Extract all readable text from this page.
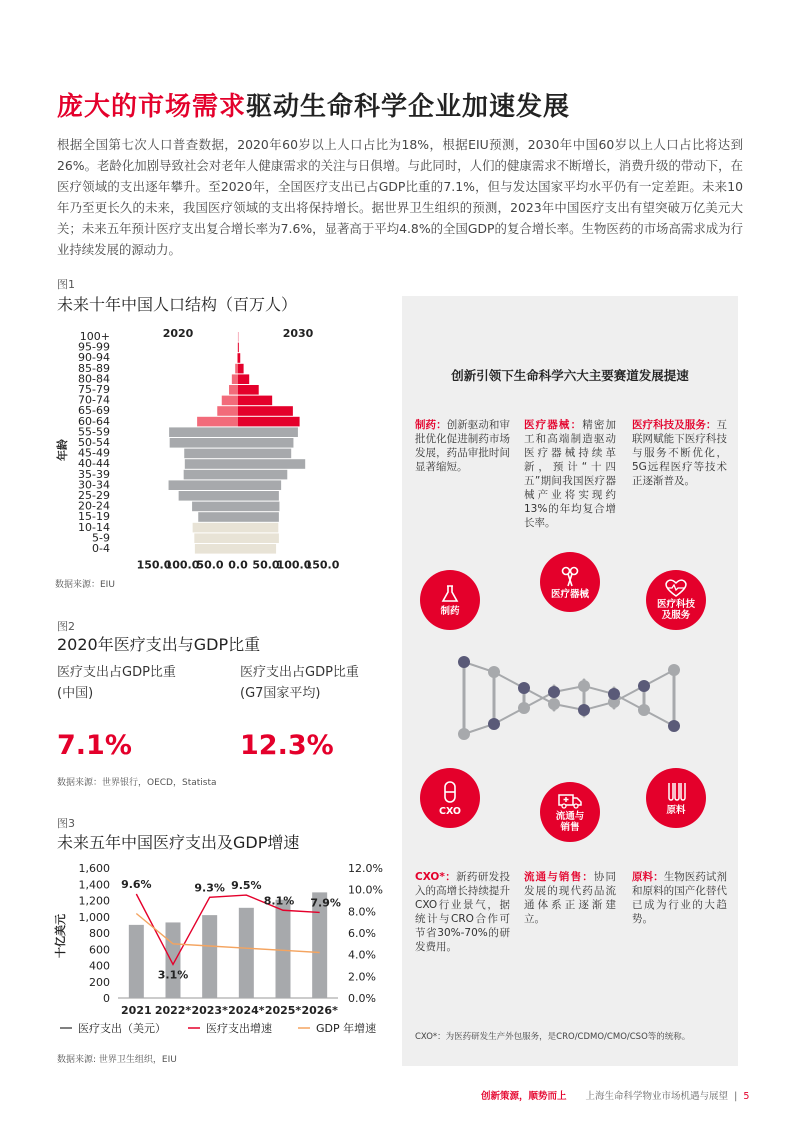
庞大的市场需求驱动生命科学企业加速发展
根据全国第七次人口普查数据，2020年60岁以上人口占比为18%，根据EIU预测，2030年中国60岁以上人口占比将达到26%。老龄化加剧导致社会对老年人健康需求的关注与日俱增。与此同时，人们的健康需求不断增长，消费升级的带动下，在医疗领域的支出逐年攀升。至2020年，全国医疗支出已占GDP比重的7.1%，但与发达国家平均水平仍有一定差距。未来10年乃至更长久的未来，我国医疗领域的支出将保持增长。据世界卫生组织的预测，2023年中国医疗支出有望突破万亿美元大关；未来五年预计医疗支出复合增长率为7.6%，显著高于平均4.8%的全国GDP的复合增长率。生物医药的市场高需求成为行业持续发展的源动力。
图1
未来十年中国人口结构（百万人）
2020	2030
年龄
100+
95-99
90-94
85-89
80-84
75-79
70-74
65-69
60-64
55-59
50-54
45-49
40-44
35-39
30-34
25-29
20-24
15-19
10-14
5-9
0-4
150.0
100.0
50.0 0.0 50.0
100.0
150.0
数据来源：EIU
图2
2020年医疗支出与GDP比重
医疗支出占GDP比重
(中国)
7.1%
医疗支出占GDP比重
(G7国家平均)
12.3%
数据来源：世界银行，OECD，Statista
图3
未来五年中国医疗支出及GDP增速
十亿美元
9.6%
3.1%
9.3% 9.5%
8.1% 7.9%
0
200
400
600
800
1,000
1,200
1,400
1,600
0.0%
2.0%
4.0%
6.0%
8.0%
10.0%
12.0%
2021 2022* 2023* 2024* 2025* 2026*
医疗支出（美元）	医疗支出增速	GDP 年增速
数据来源: 世界卫生组织，EIU
创新引领下生命科学六大主要赛道发展提速
制药：创新驱动和审批优化促进制药市场发展，药品审批时间显著缩短。
医疗器械：精密加工和高端制造驱动医疗器械持续革新，预计“十四五”期间我国医疗器械产业将实现约13%的年均复合增长率。
医疗科技及服务：互联网赋能下医疗科技与服务不断优化，5G远程医疗等技术正逐渐普及。
制药
医疗器械
医疗科技
及服务
CXO	流通与
销售
原料
CXO*：新药研发投入的高增长持续提升CXO行业景气，据统计与CRO合作可节省30%-70%的研发费用。
流通与销售：协同发展的现代药品流通体系正逐渐建立。
原料：生物医药试剂和原料的国产化替代已成为行业的大趋势。
CXO*：为医药研发生产外包服务，是CRO/CDMO/CMO/CSO等的统称。
创新策源，顺势而上 上海生命科学物业市场机遇与展望 | 5
